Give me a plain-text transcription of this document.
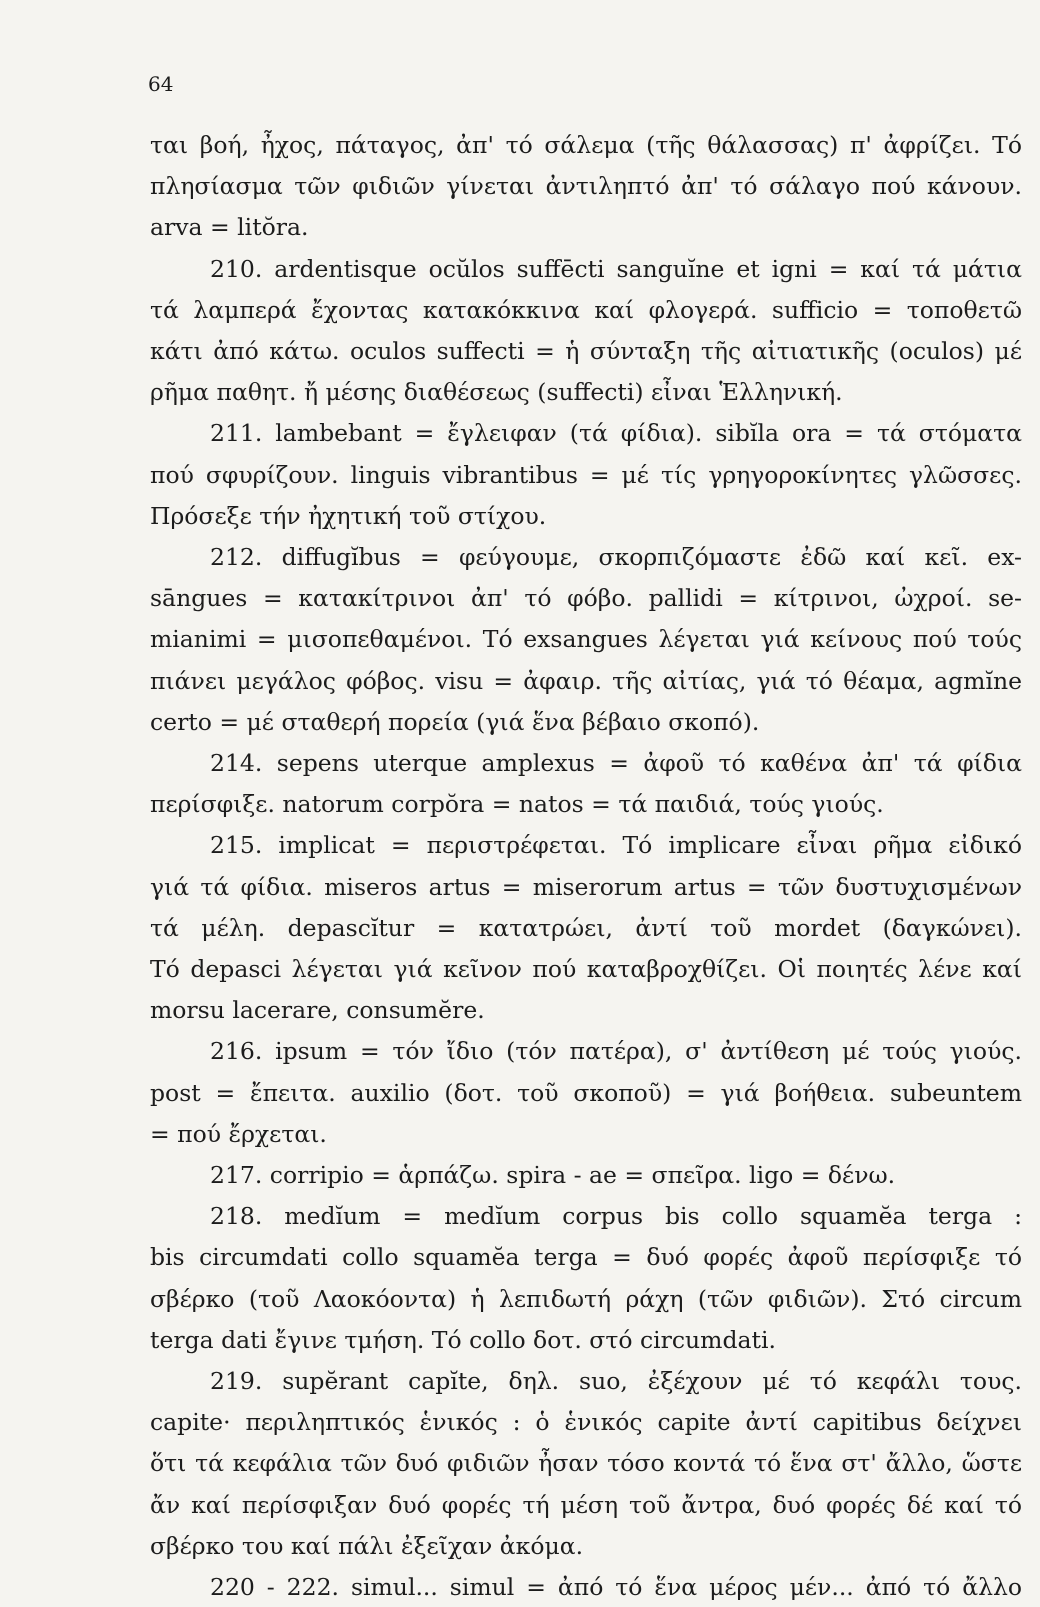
64
ται βοή, ἦχος, πάταγος, ἀπ' τό σάλεμα (τῆς θάλασσας) π' ἀφρίζει. Τό
πλησίασμα τῶν φιδιῶν γίνεται ἀντιληπτό ἀπ' τό σάλαγο πού κάνουν.
arva = litŏra.
210. ardentisque ocŭlos suffēcti sanguĭne et igni = καί τά μάτια
τά λαμπερά ἔχοντας κατακόκκινα καί φλογερά. sufficio = τοποθετῶ
κάτι ἀπό κάτω. oculos suffecti = ἡ σύνταξη τῆς αἰτιατικῆς (oculos) μέ
ρῆμα παθητ. ἤ μέσης διαθέσεως (suffecti) εἶναι Ἑλληνική.
211. lambebant = ἔγλειφαν (τά φίδια). sibĭla ora = τά στόματα
πού σφυρίζουν. linguis vibrantibus = μέ τίς γρηγοροκίνητες γλῶσσες.
Πρόσεξε τήν ἠχητική τοῦ στίχου.
212. diffugĭbus = φεύγουμε, σκορπιζόμαστε ἐδῶ καί κεῖ. ex-
sāngues = κατακίτρινοι ἀπ' τό φόβο. pallidi = κίτρινοι, ὠχροί. se-
mianimi = μισοπεθαμένοι. Τό exsangues λέγεται γιά κείνους πού τούς
πιάνει μεγάλος φόβος. visu = ἀφαιρ. τῆς αἰτίας, γιά τό θέαμα, agmĭne
certo = μέ σταθερή πορεία (γιά ἕνα βέβαιο σκοπό).
214. sepens uterque amplexus = ἀφοῦ τό καθένα ἀπ' τά φίδια
περίσφιξε. natorum corpŏra = natos = τά παιδιά, τούς γιούς.
215. implicat = περιστρέφεται. Τό implicare εἶναι ρῆμα εἰδικό
γιά τά φίδια. miseros artus = miserorum artus = τῶν δυστυχισμένων
τά μέλη. depascĭtur = κατατρώει, ἀντί τοῦ mordet (δαγκώνει).
Τό depasci λέγεται γιά κεῖνον πού καταβροχθίζει. Οἱ ποιητές λένε καί
morsu lacerare, consumĕre.
216. ipsum = τόν ἴδιο (τόν πατέρα), σ' ἀντίθεση μέ τούς γιούς.
post = ἔπειτα. auxilio (δοτ. τοῦ σκοποῦ) = γιά βοήθεια. subeuntem
= πού ἔρχεται.
217. corripio = ἁρπάζω. spira - ae = σπεῖρα. ligo = δένω.
218. medĭum = medĭum corpus bis collo squamĕa terga :
bis circumdati collo squamĕa terga = δυό φορές ἀφοῦ περίσφιξε τό
σβέρκο (τοῦ Λαοκόοντα) ἡ λεπιδωτή ράχη (τῶν φιδιῶν). Στό circum
terga dati ἔγινε τμήση. Τό collo δοτ. στό circumdati.
219. supĕrant capĭte, δηλ. suo, ἐξέχουν μέ τό κεφάλι τους.
capite· περιληπτικός ἑνικός : ὁ ἑνικός capite ἀντί capitibus δείχνει
ὅτι τά κεφάλια τῶν δυό φιδιῶν ἦσαν τόσο κοντά τό ἕνα στ' ἄλλο, ὥστε
ἄν καί περίσφιξαν δυό φορές τή μέση τοῦ ἄντρα, δυό φορές δέ καί τό
σβέρκο του καί πάλι ἐξεῖχαν ἀκόμα.
220 - 222. simul... simul = ἀπό τό ἕνα μέρος μέν... ἀπό τό ἄλλο
